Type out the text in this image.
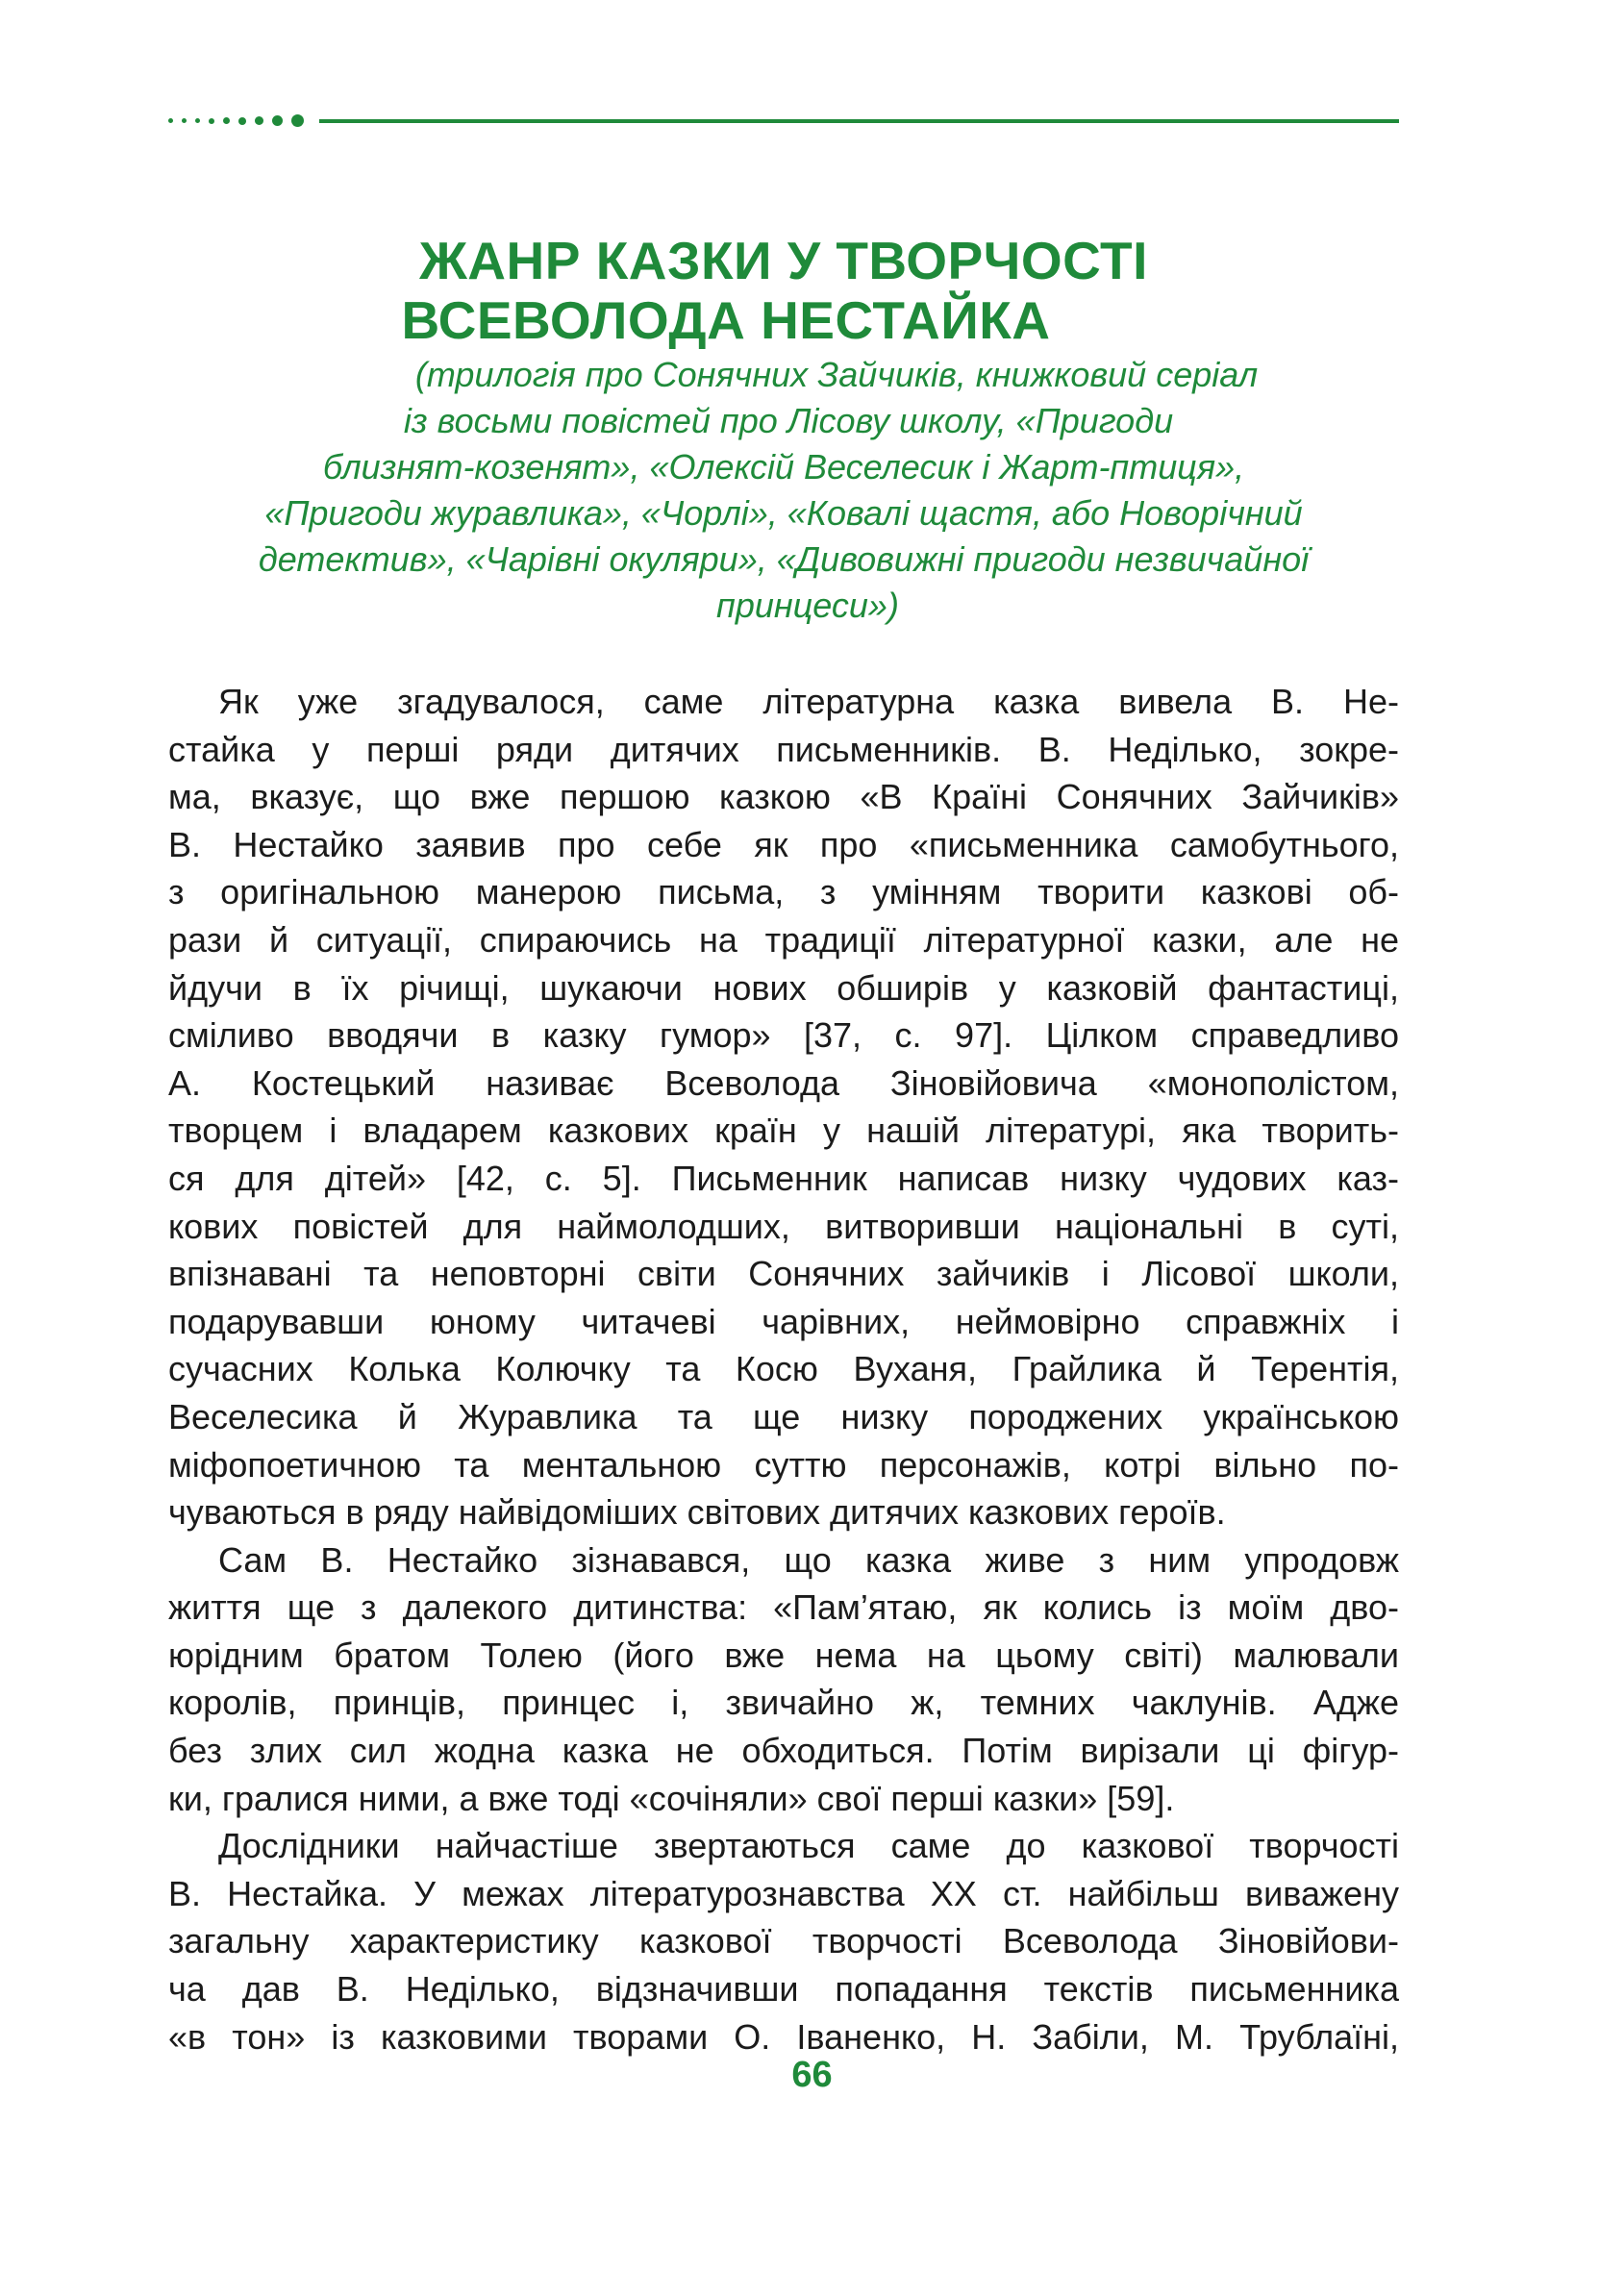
ЖАНР КАЗКИ У ТВОРЧОСТІ
ВСЕВОЛОДА НЕСТАЙКА
(трилогія про Сонячних Зайчиків, книжковий серіал
із восьми повістей про Лісову школу, «Пригоди
близнят-козенят», «Олексій Веселесик і Жарт-птиця»,
«Пригоди журавлика», «Чорлі», «Ковалі щастя, або Новорічний
детектив», «Чарівні окуляри», «Дивовижні пригоди незвичайної
принцеси»)
Як уже згадувалося, саме літературна казка вивела В. Не-
стайка у перші ряди дитячих письменників. В. Неділько, зокре-
ма, вказує, що вже першою казкою «В Країні Сонячних Зайчиків»
В. Нестайко заявив про себе як про «письменника самобутнього,
з оригінальною манерою письма, з умінням творити казкові об-
рази й ситуації, спираючись на традиції літературної казки, але не
йдучи в їх річищі, шукаючи нових обширів у казковій фантастиці,
сміливо вводячи в казку гумор» [37, с. 97]. Цілком справедливо
А. Костецький називає Всеволода Зіновійовича «монополістом,
творцем і владарем казкових країн у нашій літературі, яка творить-
ся для дітей» [42, с. 5]. Письменник написав низку чудових каз-
кових повістей для наймолодших, витворивши національні в суті,
впізнавані та неповторні світи Сонячних зайчиків і Лісової школи,
подарувавши юному читачеві чарівних, неймовірно справжніх і
сучасних Колька Колючку та Косю Вуханя, Грайлика й Терентія,
Веселесика й Журавлика та ще низку породжених українською
міфопоетичною та ментальною суттю персонажів, котрі вільно по-
чуваються в ряду найвідоміших світових дитячих казкових героїв.
Сам В. Нестайко зізнавався, що казка живе з ним упродовж
життя ще з далекого дитинства: «Пам’ятаю, як колись із моїм дво-
юрідним братом Толею (його вже нема на цьому світі) малювали
королів, принців, принцес і, звичайно ж, темних чаклунів. Адже
без злих сил жодна казка не обходиться. Потім вирізали ці фігур-
ки, гралися ними, а вже тоді «сочіняли» свої перші казки» [59].
Дослідники найчастіше звертаються саме до казкової творчості
В. Нестайка. У межах літературознавства XX ст. найбільш виважену
загальну характеристику казкової творчості Всеволода Зіновійови-
ча дав В. Неділько, відзначивши попадання текстів письменника
«в тон» із казковими творами О. Іваненко, Н. Забіли, М. Трублаїні,
66
